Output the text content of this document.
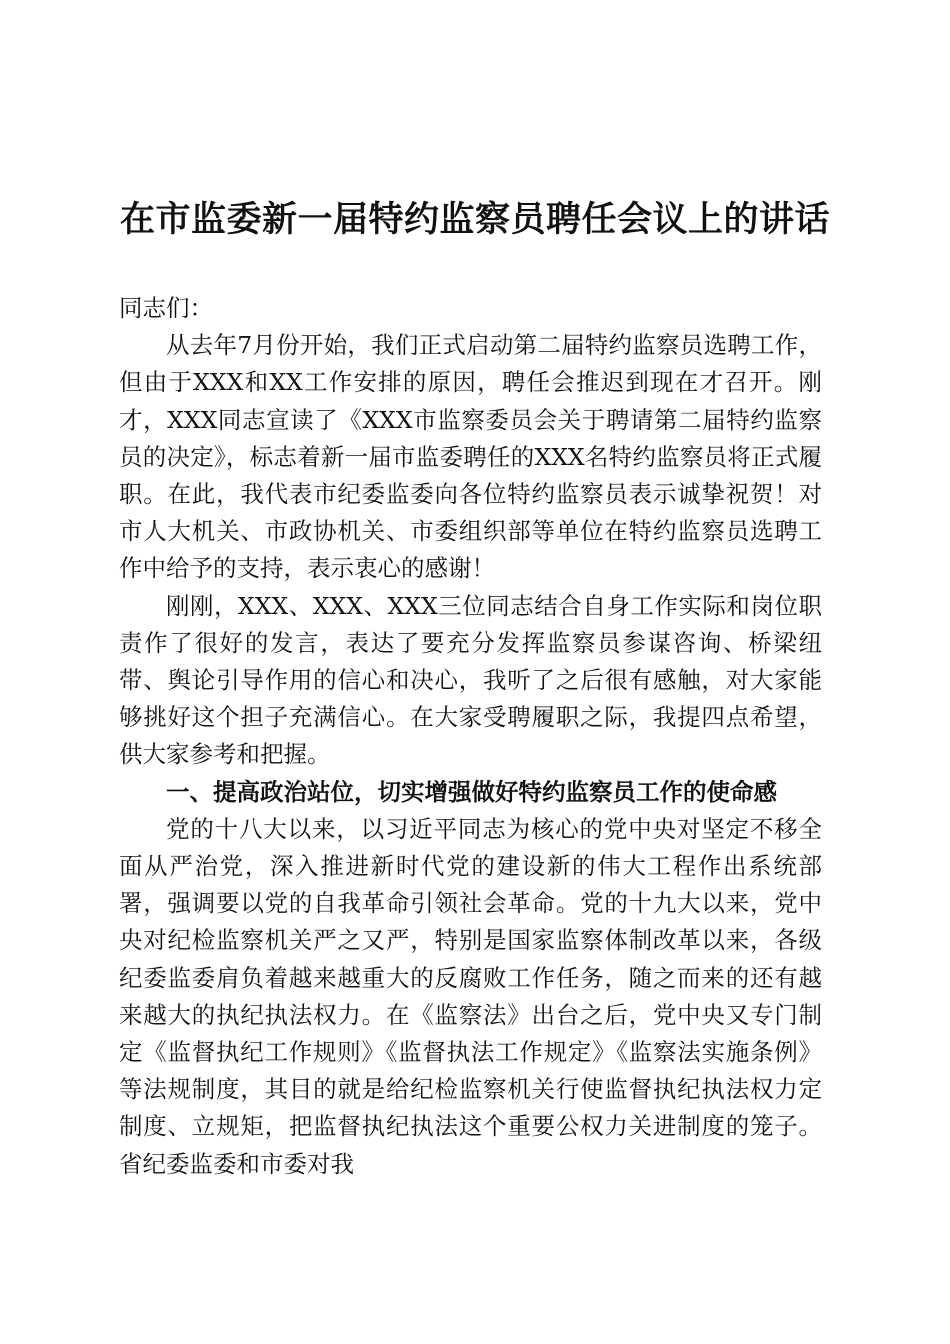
在市监委新一届特约监察员聘任会议上的讲话

同志们：

从去年7月份开始，我们正式启动第二届特约监察员选聘工作，但由于XXX和XX工作安排的原因，聘任会推迟到现在才召开。刚才，XXX同志宣读了《XXX市监察委员会关于聘请第二届特约监察员的决定》，标志着新一届市监委聘任的XXX名特约监察员将正式履职。在此，我代表市纪委监委向各位特约监察员表示诚挚祝贺！对市人大机关、市政协机关、市委组织部等单位在特约监察员选聘工作中给予的支持，表示衷心的感谢！

刚刚，XXX、XXX、XXX三位同志结合自身工作实际和岗位职责作了很好的发言，表达了要充分发挥监察员参谋咨询、桥梁纽带、舆论引导作用的信心和决心，我听了之后很有感触，对大家能够挑好这个担子充满信心。在大家受聘履职之际，我提四点希望，供大家参考和把握。

一、提高政治站位，切实增强做好特约监察员工作的使命感

党的十八大以来，以习近平同志为核心的党中央对坚定不移全面从严治党，深入推进新时代党的建设新的伟大工程作出系统部署，强调要以党的自我革命引领社会革命。党的十九大以来，党中央对纪检监察机关严之又严，特别是国家监察体制改革以来，各级纪委监委肩负着越来越重大的反腐败工作任务，随之而来的还有越来越大的执纪执法权力。在《监察法》出台之后，党中央又专门制定《监督执纪工作规则》《监督执法工作规定》《监察法实施条例》等法规制度，其目的就是给纪检监察机关行使监督执纪执法权力定制度、立规矩，把监督执纪执法这个重要公权力关进制度的笼子。省纪委监委和市委对我
